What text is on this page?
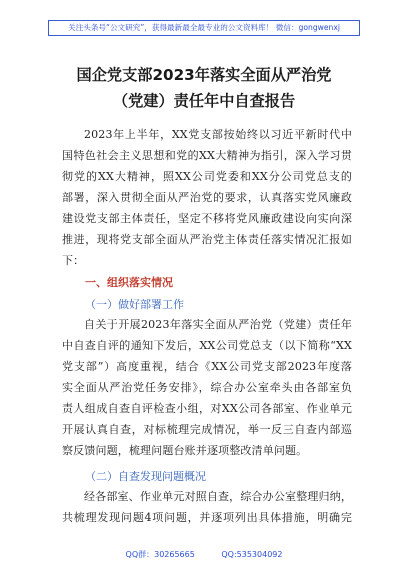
关注头条号“公文研究”，获得最新最全最专业的公文资料库！ 微信：gongwenxj
国企党支部2023年落实全面从严治党
（党建）责任年中自查报告
2023年上半年，XX党支部按始终以习近平新时代中
国特色社会主义思想和党的XX大精神为指引，深入学习贯
彻党的XX大精神，照XX公司党委和XX分公司党总支的
部署，深入贯彻全面从严治党的要求，认真落实党风廉政
建设党支部主体责任，坚定不移将党风廉政建设向实向深
推进，现将党支部全面从严治党主体责任落实情况汇报如
下：
一、组织落实情况
（一）做好部署工作
自关于开展2023年落实全面从严治党（党建）责任年
中自查自评的通知下发后，XX公司党总支（以下简称“XX
党支部”）高度重视，结合《XX公司党支部2023年度落
实全面从严治党任务安排》，综合办公室牵头由各部室负
责人组成自查自评检查小组，对XX公司各部室、作业单元
开展认真自查，对标梳理完成情况，举一反三自查内部巡
察反馈问题，梳理问题台账并逐项整改清单问题。
（二）自查发现问题概况
经各部室、作业单元对照自查，综合办公室整理归纳，
共梳理发现问题4项问题，并逐项列出具体措施，明确完
QQ群：30265665	QQ:535304092
